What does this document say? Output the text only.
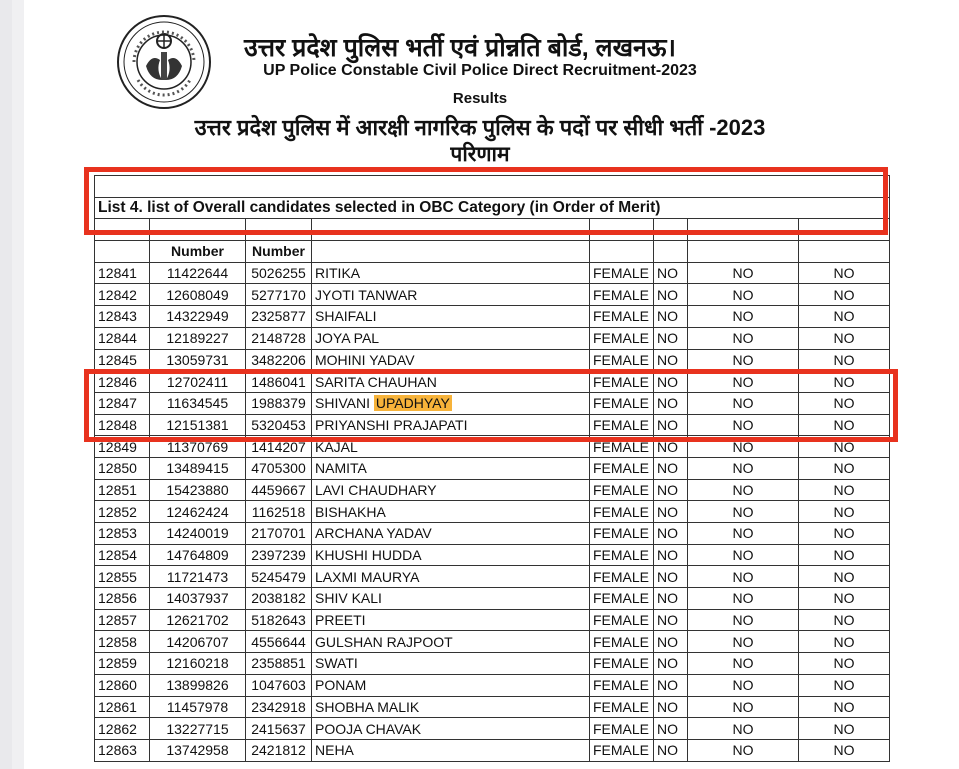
उत्तर प्रदेश पुलिस भर्ती एवं प्रोन्नति बोर्ड, लखनऊ।
UP Police Constable Civil Police Direct Recruitment-2023
Results
उत्तर प्रदेश पुलिस में आरक्षी नागरिक पुलिस के पदों पर सीधी भर्ती -2023
परिणाम

List 4. list of Overall candidates selected in OBC Category (in Order of Merit)							

	Number	Number					
12841	11422644	5026255	RITIKA	FEMALE	NO	NO	NO
12842	12608049	5277170	JYOTI TANWAR	FEMALE	NO	NO	NO
12843	14322949	2325877	SHAIFALI	FEMALE	NO	NO	NO
12844	12189227	2148728	JOYA PAL	FEMALE	NO	NO	NO
12845	13059731	3482206	MOHINI YADAV	FEMALE	NO	NO	NO
12846	12702411	1486041	SARITA CHAUHAN	FEMALE	NO	NO	NO
12847	11634545	1988379	SHIVANI UPADHYAY	FEMALE	NO	NO	NO
12848	12151381	5320453	PRIYANSHI PRAJAPATI	FEMALE	NO	NO	NO
12849	11370769	1414207	KAJAL	FEMALE	NO	NO	NO
12850	13489415	4705300	NAMITA	FEMALE	NO	NO	NO
12851	15423880	4459667	LAVI CHAUDHARY	FEMALE	NO	NO	NO
12852	12462424	1162518	BISHAKHA	FEMALE	NO	NO	NO
12853	14240019	2170701	ARCHANA YADAV	FEMALE	NO	NO	NO
12854	14764809	2397239	KHUSHI HUDDA	FEMALE	NO	NO	NO
12855	11721473	5245479	LAXMI MAURYA	FEMALE	NO	NO	NO
12856	14037937	2038182	SHIV KALI	FEMALE	NO	NO	NO
12857	12621702	5182643	PREETI	FEMALE	NO	NO	NO
12858	14206707	4556644	GULSHAN RAJPOOT	FEMALE	NO	NO	NO
12859	12160218	2358851	SWATI	FEMALE	NO	NO	NO
12860	13899826	1047603	PONAM	FEMALE	NO	NO	NO
12861	11457978	2342918	SHOBHA MALIK	FEMALE	NO	NO	NO
12862	13227715	2415637	POOJA CHAVAK	FEMALE	NO	NO	NO
12863	13742958	2421812	NEHA	FEMALE	NO	NO	NO
